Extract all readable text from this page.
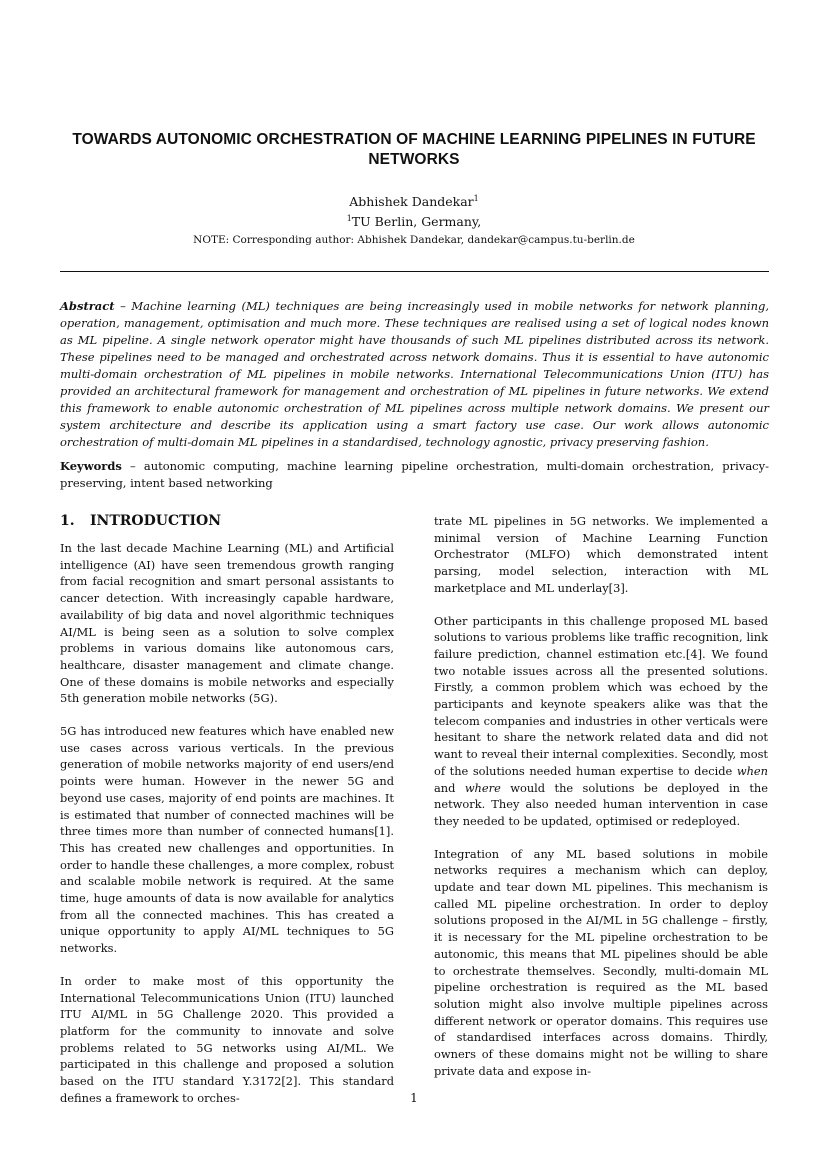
TOWARDS AUTONOMIC ORCHESTRATION OF MACHINE LEARNING PIPELINES IN FUTURE NETWORKS
Abhishek Dandekar$^1$
$^1$TU Berlin, Germany,
NOTE: Corresponding author: Abhishek Dandekar, dandekar@campus.tu-berlin.de
Abstract – Machine learning (ML) techniques are being increasingly used in mobile networks for network planning, operation, management, optimisation and much more. These techniques are realised using a set of logical nodes known as ML pipeline. A single network operator might have thousands of such ML pipelines distributed across its network. These pipelines need to be managed and orchestrated across network domains. Thus it is essential to have autonomic multi-domain orchestration of ML pipelines in mobile networks. International Telecommunications Union (ITU) has provided an architectural framework for management and orchestration of ML pipelines in future networks. We extend this framework to enable autonomic orchestration of ML pipelines across multiple network domains. We present our system architecture and describe its application using a smart factory use case. Our work allows autonomic orchestration of multi-domain ML pipelines in a standardised, technology agnostic, privacy preserving fashion.
Keywords – autonomic computing, machine learning pipeline orchestration, multi-domain orchestration, privacy-preserving, intent based networking
1. INTRODUCTION

In the last decade Machine Learning (ML) and Artificial intelligence (AI) have seen tremendous growth ranging from facial recognition and smart personal assistants to cancer detection. With increasingly capable hardware, availability of big data and novel algorithmic techniques AI/ML is being seen as a solution to solve complex problems in various domains like autonomous cars, healthcare, disaster management and climate change. One of these domains is mobile networks and especially 5th generation mobile networks (5G).

5G has introduced new features which have enabled new use cases across various verticals. In the previous generation of mobile networks majority of end users/end points were human. However in the newer 5G and beyond use cases, majority of end points are machines. It is estimated that number of connected machines will be three times more than number of connected humans[1]. This has created new challenges and opportunities. In order to handle these challenges, a more complex, robust and scalable mobile network is required. At the same time, huge amounts of data is now available for analytics from all the connected machines. This has created a unique opportunity to apply AI/ML techniques to 5G networks.

In order to make most of this opportunity the International Telecommunications Union (ITU) launched ITU AI/ML in 5G Challenge 2020. This provided a platform for the community to innovate and solve problems related to 5G networks using AI/ML. We participated in this challenge and proposed a solution based on the ITU standard Y.3172[2]. This standard defines a framework to orches-

trate ML pipelines in 5G networks. We implemented a minimal version of Machine Learning Function Orchestrator (MLFO) which demonstrated intent parsing, model selection, interaction with ML marketplace and ML underlay[3].

Other participants in this challenge proposed ML based solutions to various problems like traffic recognition, link failure prediction, channel estimation etc.[4]. We found two notable issues across all the presented solutions. Firstly, a common problem which was echoed by the participants and keynote speakers alike was that the telecom companies and industries in other verticals were hesitant to share the network related data and did not want to reveal their internal complexities. Secondly, most of the solutions needed human expertise to decide when and where would the solutions be deployed in the network. They also needed human intervention in case they needed to be updated, optimised or redeployed.

Integration of any ML based solutions in mobile networks requires a mechanism which can deploy, update and tear down ML pipelines. This mechanism is called ML pipeline orchestration. In order to deploy solutions proposed in the AI/ML in 5G challenge – firstly, it is necessary for the ML pipeline orchestration to be autonomic, this means that ML pipelines should be able to orchestrate themselves. Secondly, multi-domain ML pipeline orchestration is required as the ML based solution might also involve multiple pipelines across different network or operator domains. This requires use of standardised interfaces across domains. Thirdly, owners of these domains might not be willing to share private data and expose in-

1
